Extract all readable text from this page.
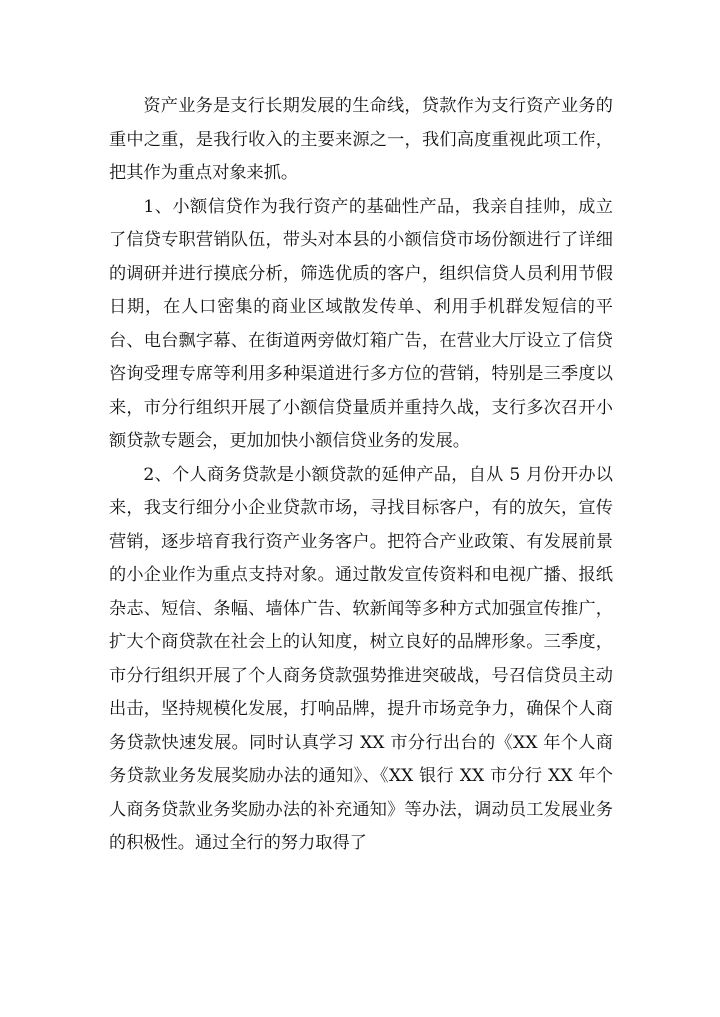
资产业务是支行长期发展的生命线，贷款作为支行资产业务的重中之重，是我行收入的主要来源之一，我们高度重视此项工作，把其作为重点对象来抓。

1、小额信贷作为我行资产的基础性产品，我亲自挂帅，成立了信贷专职营销队伍，带头对本县的小额信贷市场份额进行了详细的调研并进行摸底分析，筛选优质的客户，组织信贷人员利用节假日期，在人口密集的商业区域散发传单、利用手机群发短信的平台、电台飘字幕、在街道两旁做灯箱广告，在营业大厅设立了信贷咨询受理专席等利用多种渠道进行多方位的营销，特别是三季度以来，市分行组织开展了小额信贷量质并重持久战，支行多次召开小额贷款专题会，更加加快小额信贷业务的发展。

2、个人商务贷款是小额贷款的延伸产品，自从 5 月份开办以来，我支行细分小企业贷款市场，寻找目标客户，有的放矢，宣传营销，逐步培育我行资产业务客户。把符合产业政策、有发展前景的小企业作为重点支持对象。通过散发宣传资料和电视广播、报纸杂志、短信、条幅、墙体广告、软新闻等多种方式加强宣传推广，扩大个商贷款在社会上的认知度，树立良好的品牌形象。三季度，市分行组织开展了个人商务贷款强势推进突破战，号召信贷员主动出击，坚持规模化发展，打响品牌，提升市场竞争力，确保个人商务贷款快速发展。同时认真学习 XX 市分行出台的《XX 年个人商务贷款业务发展奖励办法的通知》、《XX 银行 XX 市分行 XX 年个人商务贷款业务奖励办法的补充通知》等办法，调动员工发展业务的积极性。通过全行的努力取得了
